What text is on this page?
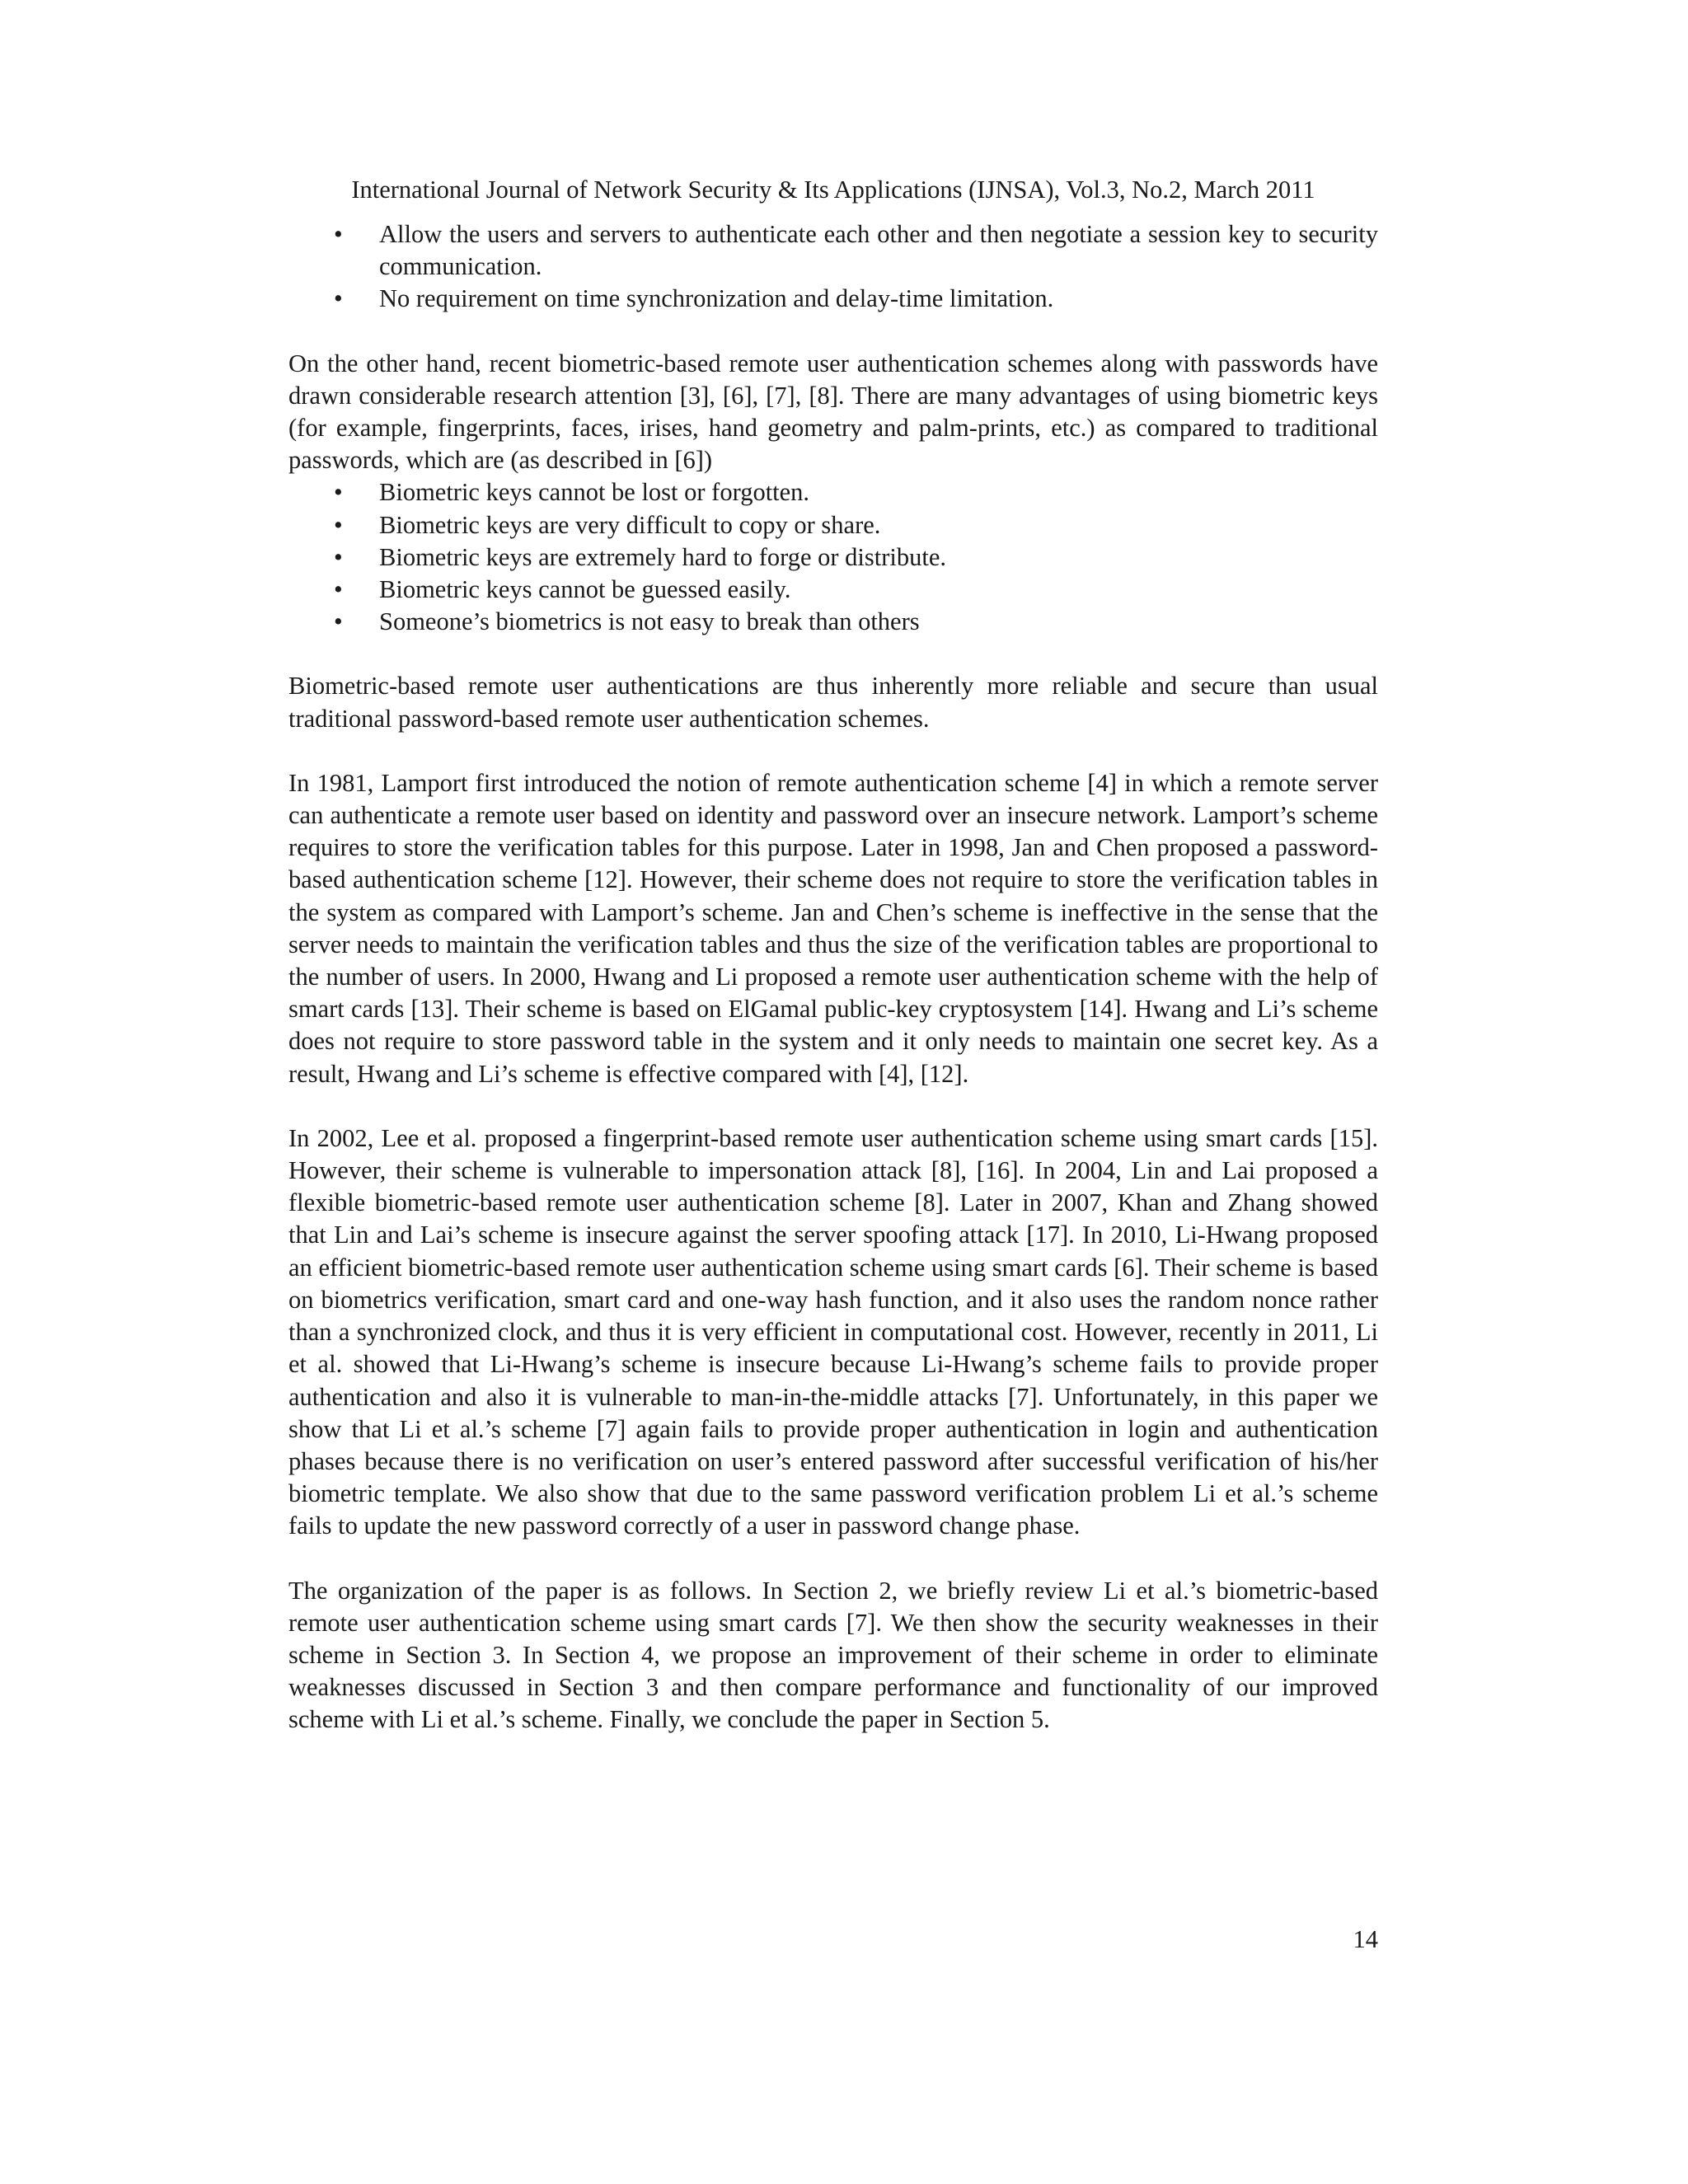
International Journal of Network Security & Its Applications (IJNSA), Vol.3, No.2, March 2011
• Allow the users and servers to authenticate each other and then negotiate a session key to security communication.
• No requirement on time synchronization and delay-time limitation.

On the other hand, recent biometric-based remote user authentication schemes along with passwords have drawn considerable research attention [3], [6], [7], [8]. There are many advantages of using biometric keys (for example, fingerprints, faces, irises, hand geometry and palm-prints, etc.) as compared to traditional passwords, which are (as described in [6])

• Biometric keys cannot be lost or forgotten.
• Biometric keys are very difficult to copy or share.
• Biometric keys are extremely hard to forge or distribute.
• Biometric keys cannot be guessed easily.
• Someone’s biometrics is not easy to break than others

Biometric-based remote user authentications are thus inherently more reliable and secure than usual traditional password-based remote user authentication schemes.

In 1981, Lamport first introduced the notion of remote authentication scheme [4] in which a remote server can authenticate a remote user based on identity and password over an insecure network. Lamport’s scheme requires to store the verification tables for this purpose. Later in 1998, Jan and Chen proposed a password-based authentication scheme [12]. However, their scheme does not require to store the verification tables in the system as compared with Lamport’s scheme. Jan and Chen’s scheme is ineffective in the sense that the server needs to maintain the verification tables and thus the size of the verification tables are proportional to the number of users. In 2000, Hwang and Li proposed a remote user authentication scheme with the help of smart cards [13]. Their scheme is based on ElGamal public-key cryptosystem [14]. Hwang and Li’s scheme does not require to store password table in the system and it only needs to maintain one secret key. As a result, Hwang and Li’s scheme is effective compared with [4], [12].

In 2002, Lee et al. proposed a fingerprint-based remote user authentication scheme using smart cards [15]. However, their scheme is vulnerable to impersonation attack [8], [16]. In 2004, Lin and Lai proposed a flexible biometric-based remote user authentication scheme [8]. Later in 2007, Khan and Zhang showed that Lin and Lai’s scheme is insecure against the server spoofing attack [17]. In 2010, Li-Hwang proposed an efficient biometric-based remote user authentication scheme using smart cards [6]. Their scheme is based on biometrics verification, smart card and one-way hash function, and it also uses the random nonce rather than a synchronized clock, and thus it is very efficient in computational cost. However, recently in 2011, Li et al. showed that Li-Hwang’s scheme is insecure because Li-Hwang’s scheme fails to provide proper authentication and also it is vulnerable to man-in-the-middle attacks [7]. Unfortunately, in this paper we show that Li et al.’s scheme [7] again fails to provide proper authentication in login and authentication phases because there is no verification on user’s entered password after successful verification of his/her biometric template. We also show that due to the same password verification problem Li et al.’s scheme fails to update the new password correctly of a user in password change phase.

The organization of the paper is as follows. In Section 2, we briefly review Li et al.’s biometric-based remote user authentication scheme using smart cards [7]. We then show the security weaknesses in their scheme in Section 3. In Section 4, we propose an improvement of their scheme in order to eliminate weaknesses discussed in Section 3 and then compare performance and functionality of our improved scheme with Li et al.’s scheme. Finally, we conclude the paper in Section 5.

14
